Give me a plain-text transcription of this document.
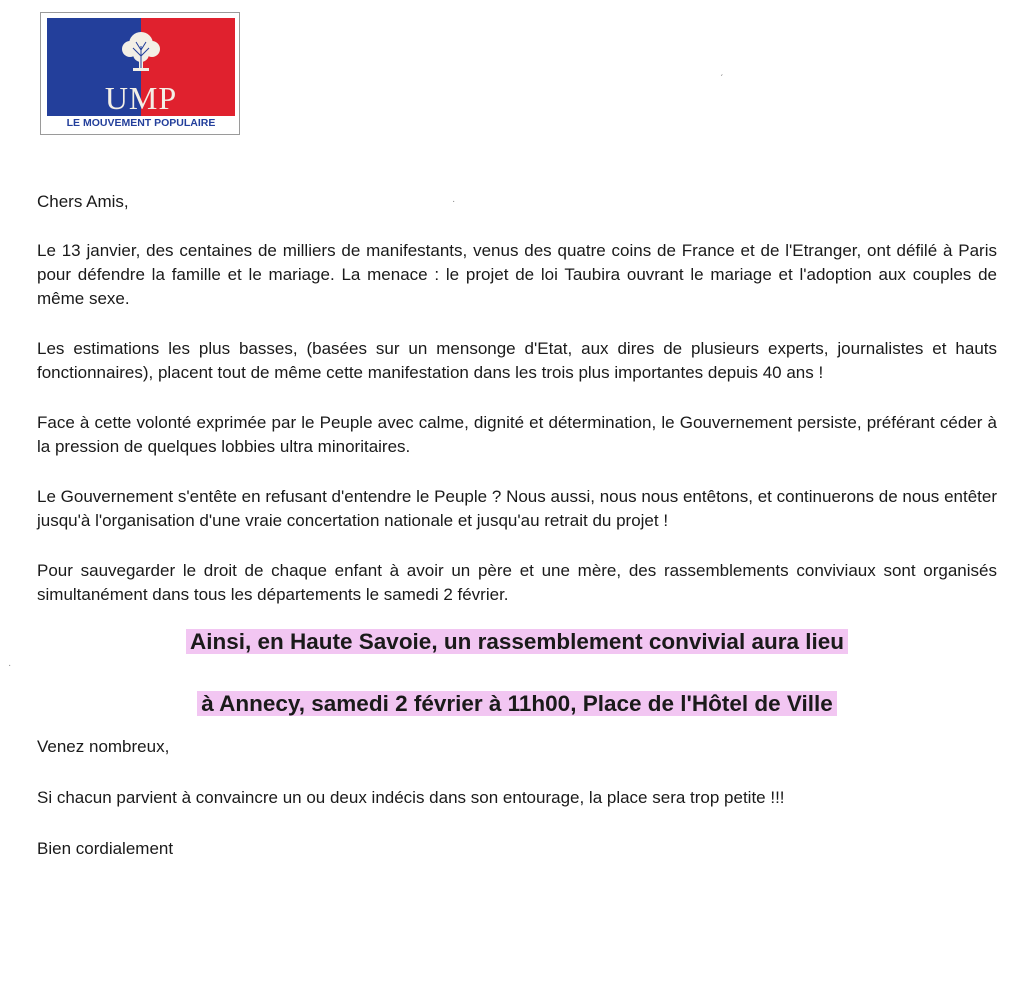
UMP
LE MOUVEMENT POPULAIRE
ˊ
·
·

Chers Amis,

Le 13 janvier, des centaines de milliers de manifestants, venus des quatre coins de France et de l'Etranger, ont défilé à Paris pour défendre la famille et le mariage. La menace : le projet de loi Taubira ouvrant le mariage et l'adoption aux couples de même sexe.

Les estimations les plus basses, (basées sur un mensonge d'Etat, aux dires de plusieurs experts, journalistes et hauts fonctionnaires), placent tout de même cette manifestation dans les trois plus importantes depuis 40 ans !

Face à cette volonté exprimée par le Peuple avec calme, dignité et détermination, le Gouvernement persiste, préférant céder à la pression de quelques lobbies ultra minoritaires.

Le Gouvernement s'entête en refusant d'entendre le Peuple ? Nous aussi, nous nous entêtons, et continuerons de nous entêter jusqu'à l'organisation d'une vraie concertation nationale et jusqu'au retrait du projet !

Pour sauvegarder le droit de chaque enfant à avoir un père et une mère, des rassemblements conviviaux sont organisés simultanément dans tous les départements le samedi 2 février.

Ainsi, en Haute Savoie, un rassemblement convivial aura lieu
à Annecy, samedi 2 février à 11h00, Place de l'Hôtel de Ville

Venez nombreux,

Si chacun parvient à convaincre un ou deux indécis dans son entourage, la place sera trop petite !!!

Bien cordialement
